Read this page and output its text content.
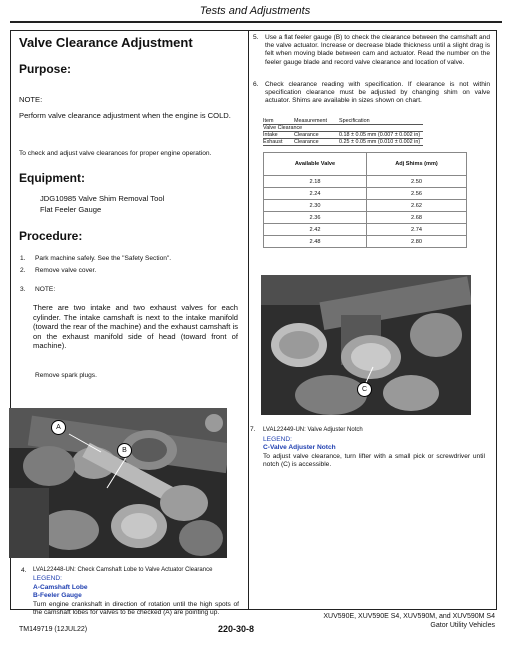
Tests and Adjustments
Valve Clearance Adjustment
Purpose:
NOTE:
Perform valve clearance adjustment when the engine is COLD.
To check and adjust valve clearances for proper engine operation.
Equipment:
JDG10985 Valve Shim Removal Tool
Flat Feeler Gauge
Procedure:
1. Park machine safely. See the "Safety Section".
2. Remove valve cover.
3. NOTE:
There are two intake and two exhaust valves for each cylinder. The intake camshaft is next to the intake manifold (toward the rear of the machine) and the exhaust camshaft is on the exhaust manifold side of head (toward front of machine).
Remove spark plugs.
A
B
4. LVAL22448-UN: Check Camshaft Lobe to Valve Actuator Clearance
LEGEND:
A-Camshaft Lobe
B-Feeler Gauge
Turn engine crankshaft in direction of rotation until the high spots of the camshaft lobes for valves to be checked (A) are pointing up.
5. Use a flat feeler gauge (B) to check the clearance between the camshaft and the valve actuator. Increase or decrease blade thickness until a slight drag is felt when moving blade between cam and actuator. Read the number on the feeler gauge blade and record valve clearance and location of valve.
6. Check clearance reading with specification. If clearance is not within specification clearance must be adjusted by changing shim on valve actuator. Shims are available in sizes shown on chart.
Item	Measurement	Specification
Valve Clearance		
Intake	Clearance	0.18 ± 0.05 mm (0.007 ± 0.002 in)
Exhaust	Clearance	0.25 ± 0.05 mm (0.010 ± 0.002 in)
Available Valve	Adj Shims (mm)
2.18	2.50
2.24	2.56
2.30	2.62
2.36	2.68
2.42	2.74
2.48	2.80
C
7. LVAL22449-UN: Valve Adjuster Notch
LEGEND:
C-Valve Adjuster Notch
To adjust valve clearance, turn lifter with a small pick or screwdriver until notch (C) is accessible.
TM149719 (12JUL22)	220-30-8
XUV590E, XUV590E S4, XUV590M, and XUV590M S4
Gator Utility Vehicles
